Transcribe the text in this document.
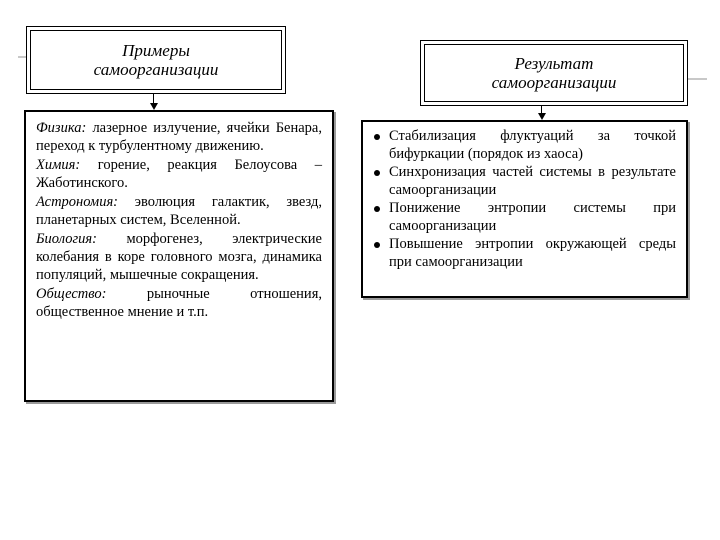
Примеры
самоорганизации

Физика: лазерное излучение, ячейки Бенара, переход к турбулентному движению.

Химия: горение, реакция Белоусова – Жаботинского.

Астрономия: эволюция галактик, звезд, планетарных систем, Вселенной.

Биология: морфогенез, электрические колебания в коре головного мозга, динамика популяций, мышечные сокращения.

Общество: рыночные отношения, общественное мнение и т.п.

Результат
самоорганизации
Стабилизация флуктуаций за точкой бифуркации (порядок из хаоса)
Синхронизация частей системы в результате самоорганизации
Понижение энтропии системы при самоорганизации
Повышение энтропии окружающей среды при самоорганизации
